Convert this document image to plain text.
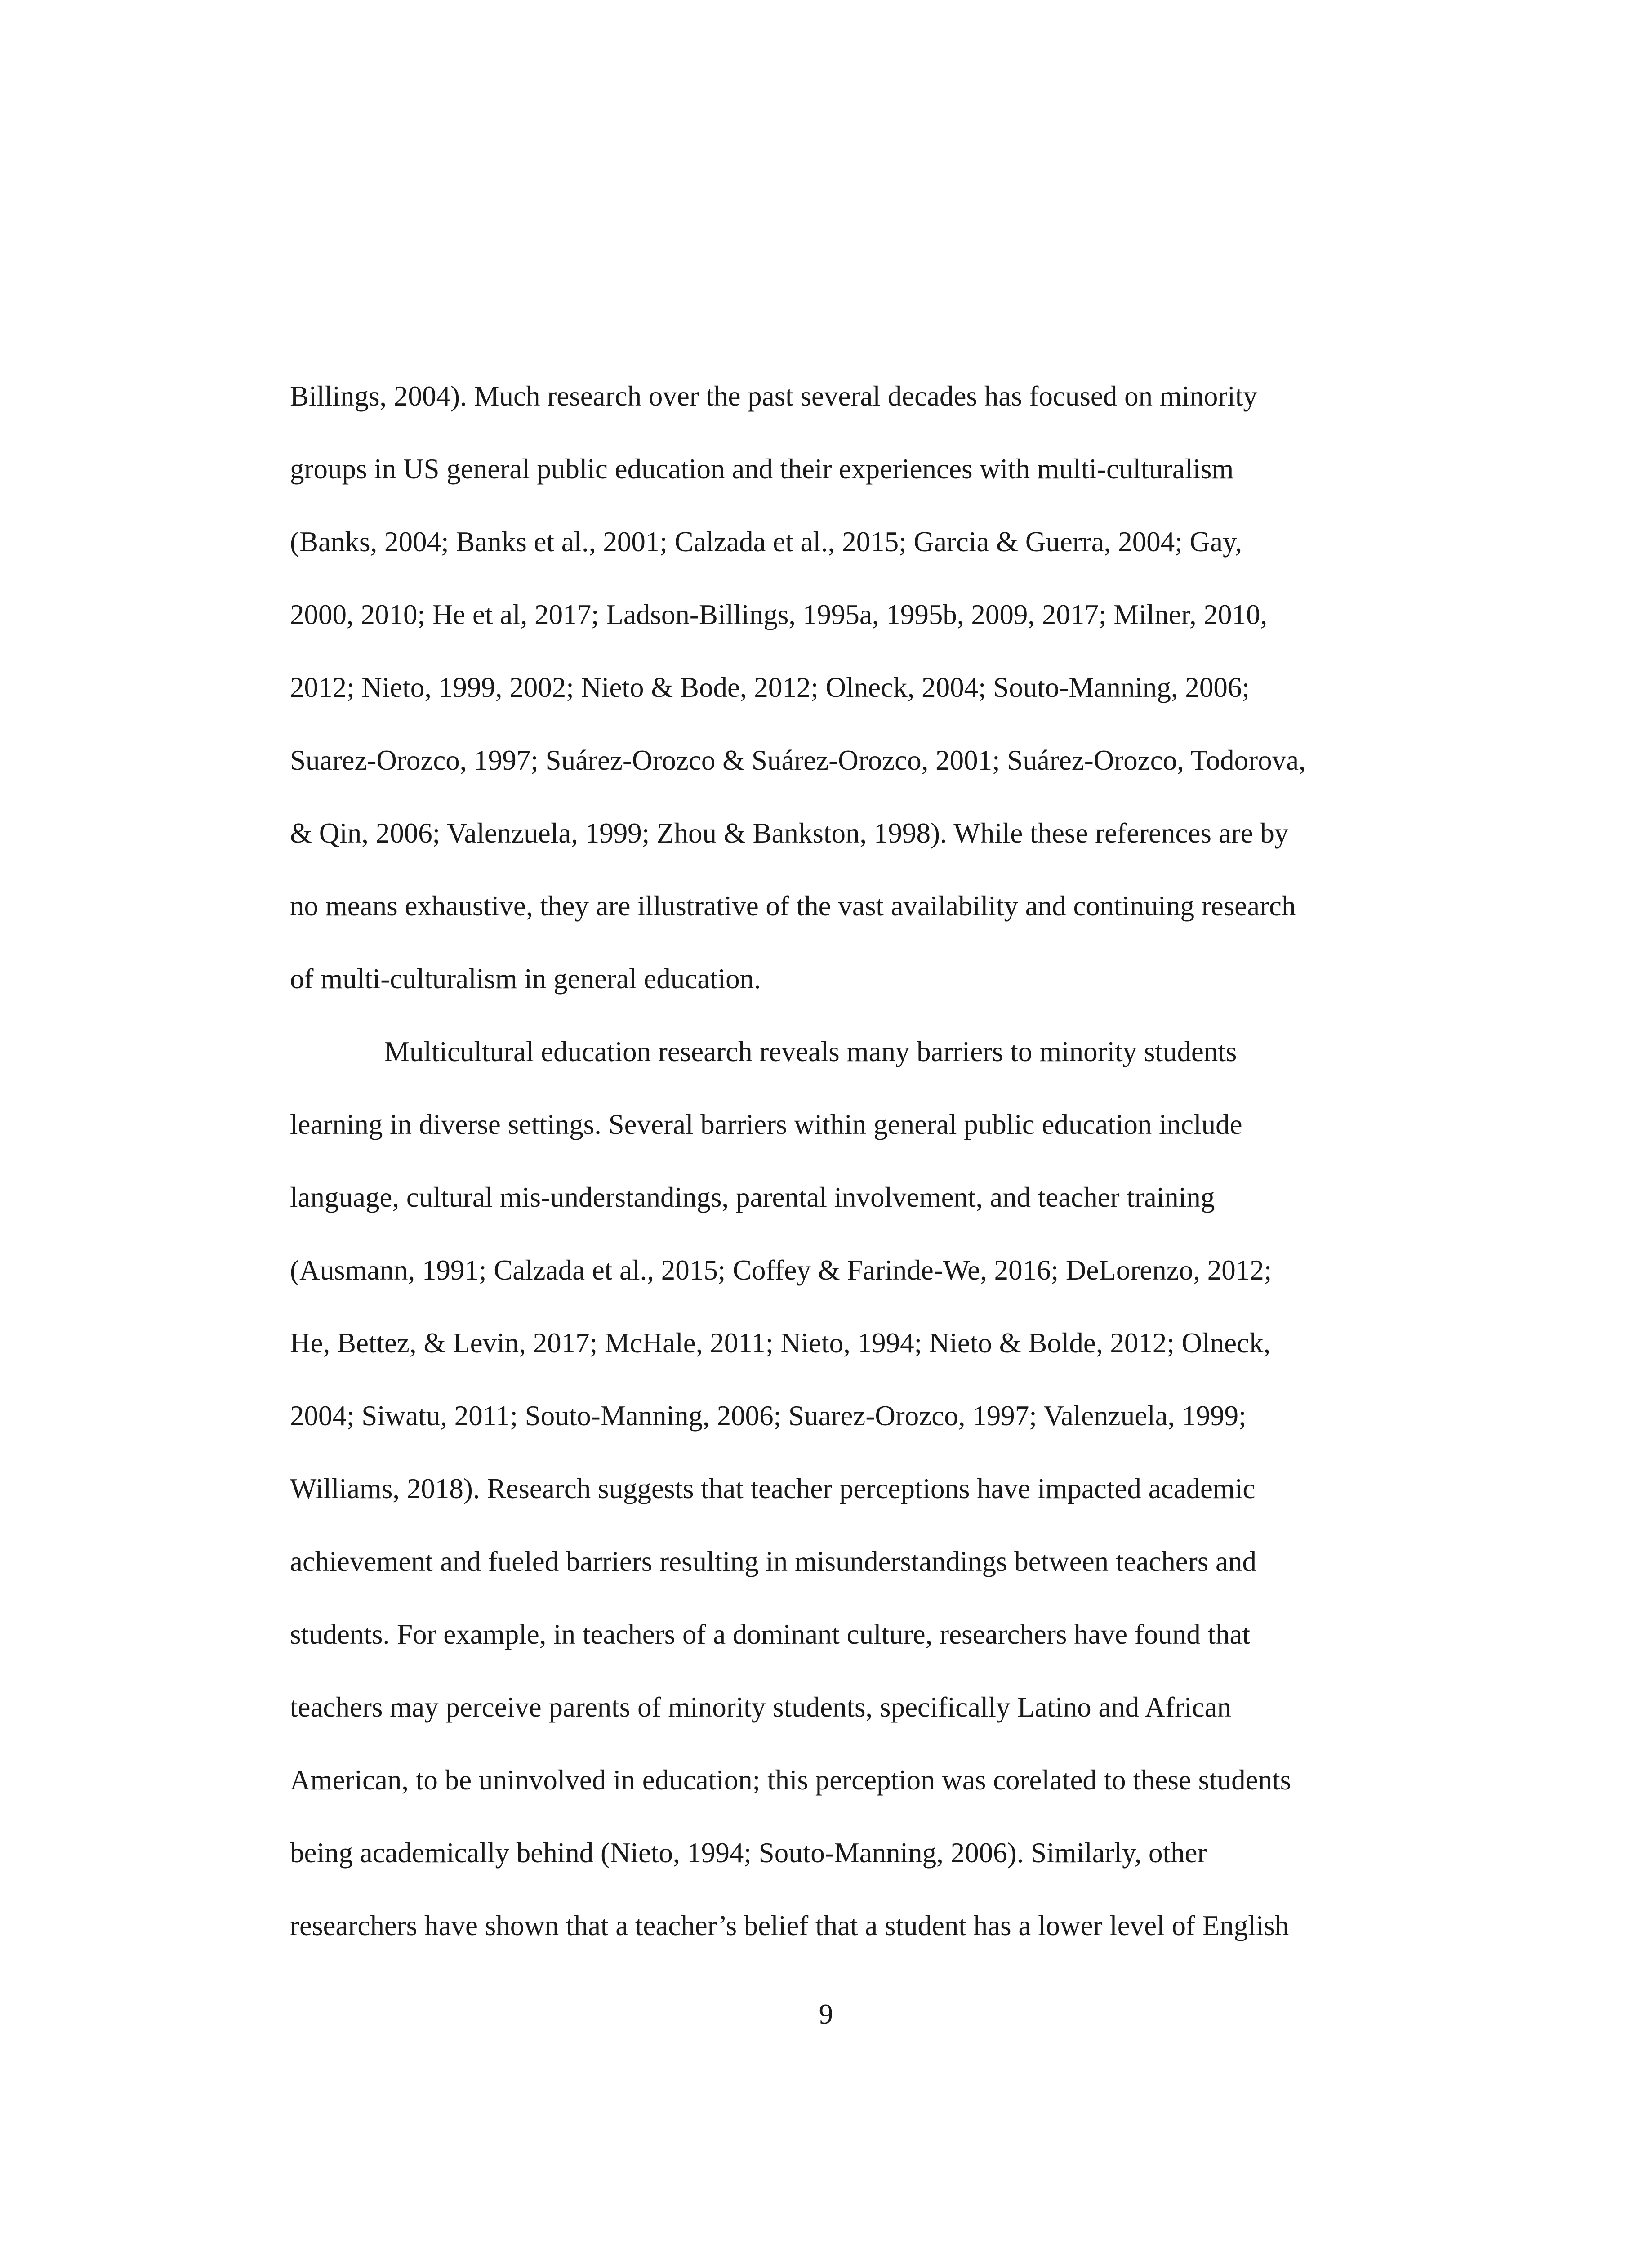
Billings, 2004). Much research over the past several decades has focused on minority
groups in US general public education and their experiences with multi-culturalism
(Banks, 2004; Banks et al., 2001; Calzada et al., 2015; Garcia & Guerra, 2004; Gay,
2000, 2010; He et al, 2017; Ladson-Billings, 1995a, 1995b, 2009, 2017; Milner, 2010,
2012; Nieto, 1999, 2002; Nieto & Bode, 2012; Olneck, 2004; Souto-Manning, 2006;
Suarez-Orozco, 1997; Suárez-Orozco & Suárez-Orozco, 2001; Suárez-Orozco, Todorova,
& Qin, 2006; Valenzuela, 1999; Zhou & Bankston, 1998). While these references are by
no means exhaustive, they are illustrative of the vast availability and continuing research
of multi-culturalism in general education.
Multicultural education research reveals many barriers to minority students
learning in diverse settings. Several barriers within general public education include
language, cultural mis-understandings, parental involvement, and teacher training
(Ausmann, 1991; Calzada et al., 2015; Coffey & Farinde-We, 2016; DeLorenzo, 2012;
He, Bettez, & Levin, 2017; McHale, 2011; Nieto, 1994; Nieto & Bolde, 2012; Olneck,
2004; Siwatu, 2011; Souto-Manning, 2006; Suarez-Orozco, 1997; Valenzuela, 1999;
Williams, 2018). Research suggests that teacher perceptions have impacted academic
achievement and fueled barriers resulting in misunderstandings between teachers and
students. For example, in teachers of a dominant culture, researchers have found that
teachers may perceive parents of minority students, specifically Latino and African
American, to be uninvolved in education; this perception was corelated to these students
being academically behind (Nieto, 1994; Souto-Manning, 2006). Similarly, other
researchers have shown that a teacher’s belief that a student has a lower level of English
9
